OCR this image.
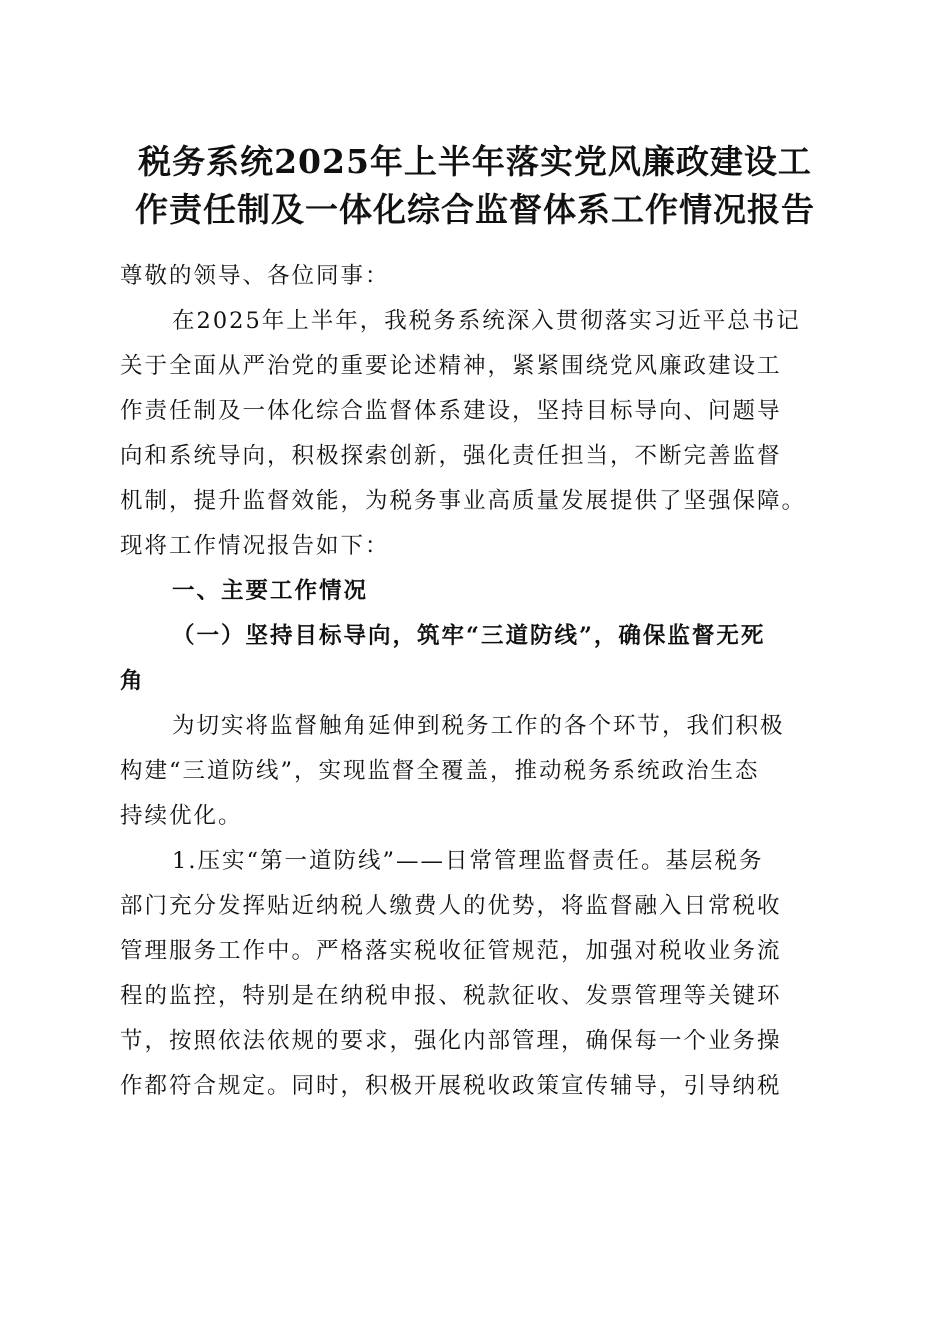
税务系统2025年上半年落实党风廉政建设工
作责任制及一体化综合监督体系工作情况报告
尊敬的领导、各位同事：
在2025年上半年，我税务系统深入贯彻落实习近平总书记
关于全面从严治党的重要论述精神，紧紧围绕党风廉政建设工
作责任制及一体化综合监督体系建设，坚持目标导向、问题导
向和系统导向，积极探索创新，强化责任担当，不断完善监督
机制，提升监督效能，为税务事业高质量发展提供了坚强保障。
现将工作情况报告如下：
一、主要工作情况
（一）坚持目标导向，筑牢“三道防线”，确保监督无死
角
为切实将监督触角延伸到税务工作的各个环节，我们积极
构建“三道防线”，实现监督全覆盖，推动税务系统政治生态
持续优化。
1.压实“第一道防线”——日常管理监督责任。基层税务
部门充分发挥贴近纳税人缴费人的优势，将监督融入日常税收
管理服务工作中。严格落实税收征管规范，加强对税收业务流
程的监控，特别是在纳税申报、税款征收、发票管理等关键环
节，按照依法依规的要求，强化内部管理，确保每一个业务操
作都符合规定。同时，积极开展税收政策宣传辅导，引导纳税
